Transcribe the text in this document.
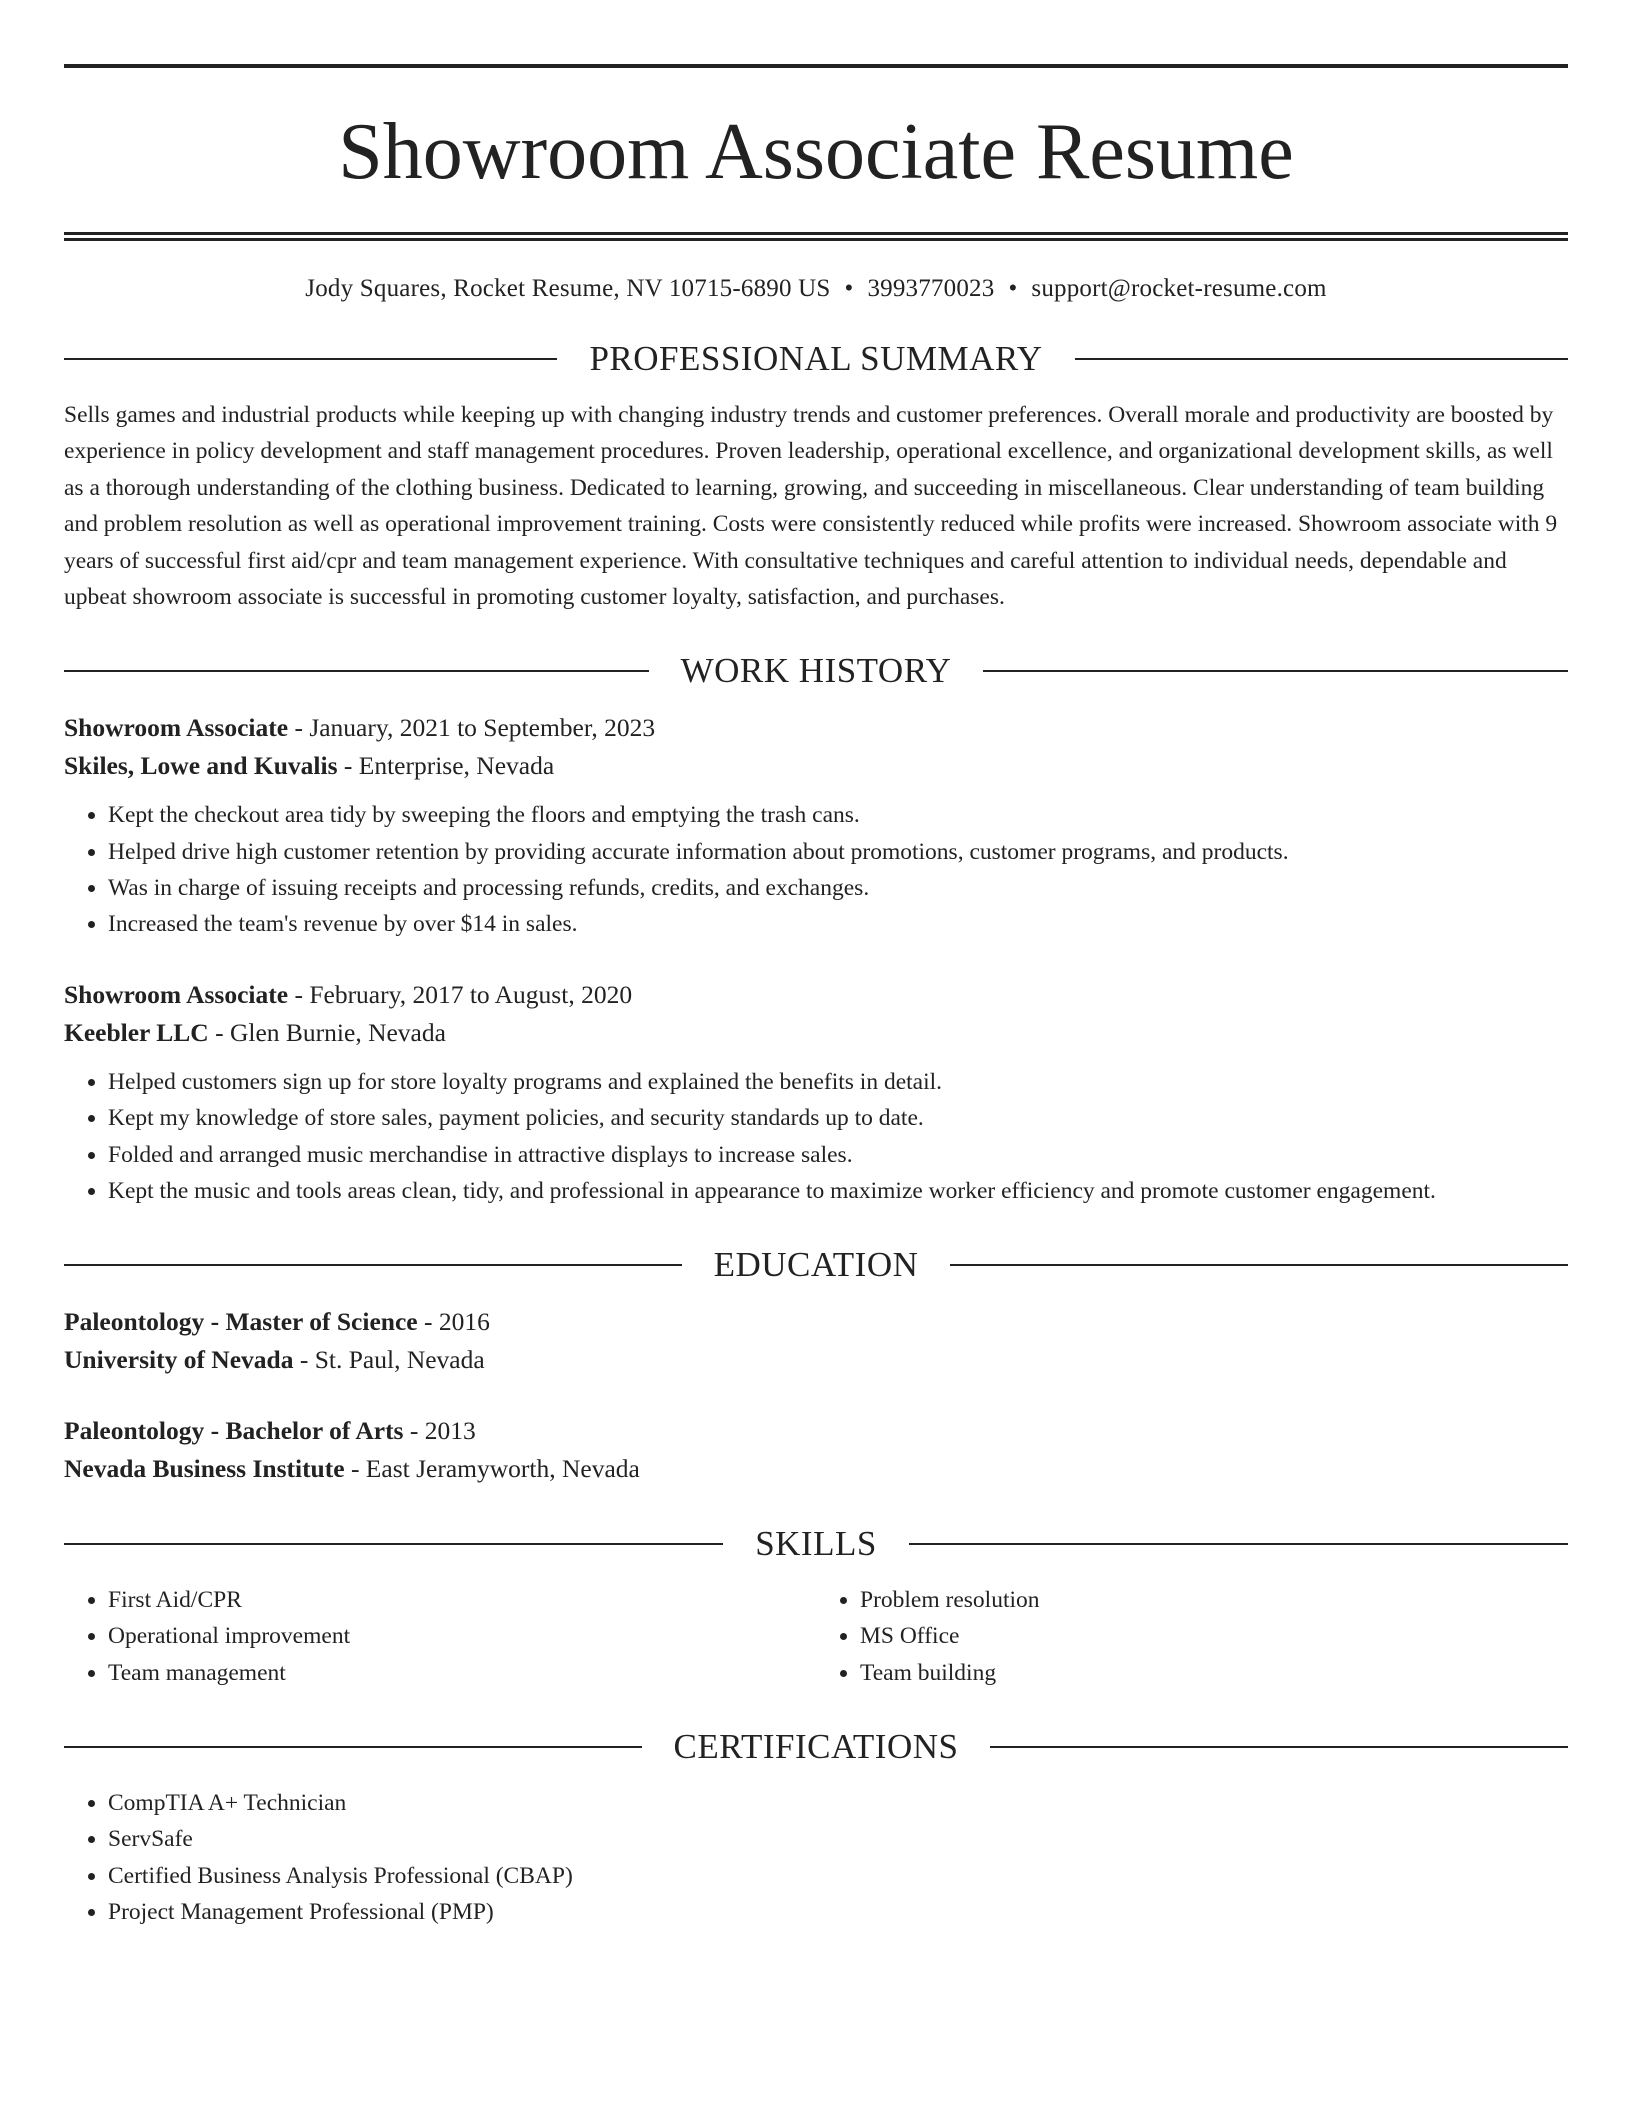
Showroom Associate Resume
Jody Squares, Rocket Resume, NV 10715-6890 US • 3993770023 • support@rocket-resume.com
PROFESSIONAL SUMMARY

Sells games and industrial products while keeping up with changing industry trends and customer preferences. Overall morale and productivity are boosted by experience in policy development and staff management procedures. Proven leadership, operational excellence, and organizational development skills, as well as a thorough understanding of the clothing business. Dedicated to learning, growing, and succeeding in miscellaneous. Clear understanding of team building and problem resolution as well as operational improvement training. Costs were consistently reduced while profits were increased. Showroom associate with 9 years of successful first aid/cpr and team management experience. With consultative techniques and careful attention to individual needs, dependable and upbeat showroom associate is successful in promoting customer loyalty, satisfaction, and purchases.

WORK HISTORY
Showroom Associate - January, 2021 to September, 2023
Skiles, Lowe and Kuvalis - Enterprise, Nevada
• Kept the checkout area tidy by sweeping the floors and emptying the trash cans.
• Helped drive high customer retention by providing accurate information about promotions, customer programs, and products.
• Was in charge of issuing receipts and processing refunds, credits, and exchanges.
• Increased the team's revenue by over $14 in sales.
Showroom Associate - February, 2017 to August, 2020
Keebler LLC - Glen Burnie, Nevada
• Helped customers sign up for store loyalty programs and explained the benefits in detail.
• Kept my knowledge of store sales, payment policies, and security standards up to date.
• Folded and arranged music merchandise in attractive displays to increase sales.
• Kept the music and tools areas clean, tidy, and professional in appearance to maximize worker efficiency and promote customer engagement.
EDUCATION
Paleontology - Master of Science - 2016
University of Nevada - St. Paul, Nevada
Paleontology - Bachelor of Arts - 2013
Nevada Business Institute - East Jeramyworth, Nevada
SKILLS
• First Aid/CPR
• Operational improvement
• Team management
• Problem resolution
• MS Office
• Team building
CERTIFICATIONS
• CompTIA A+ Technician
• ServSafe
• Certified Business Analysis Professional (CBAP)
• Project Management Professional (PMP)
